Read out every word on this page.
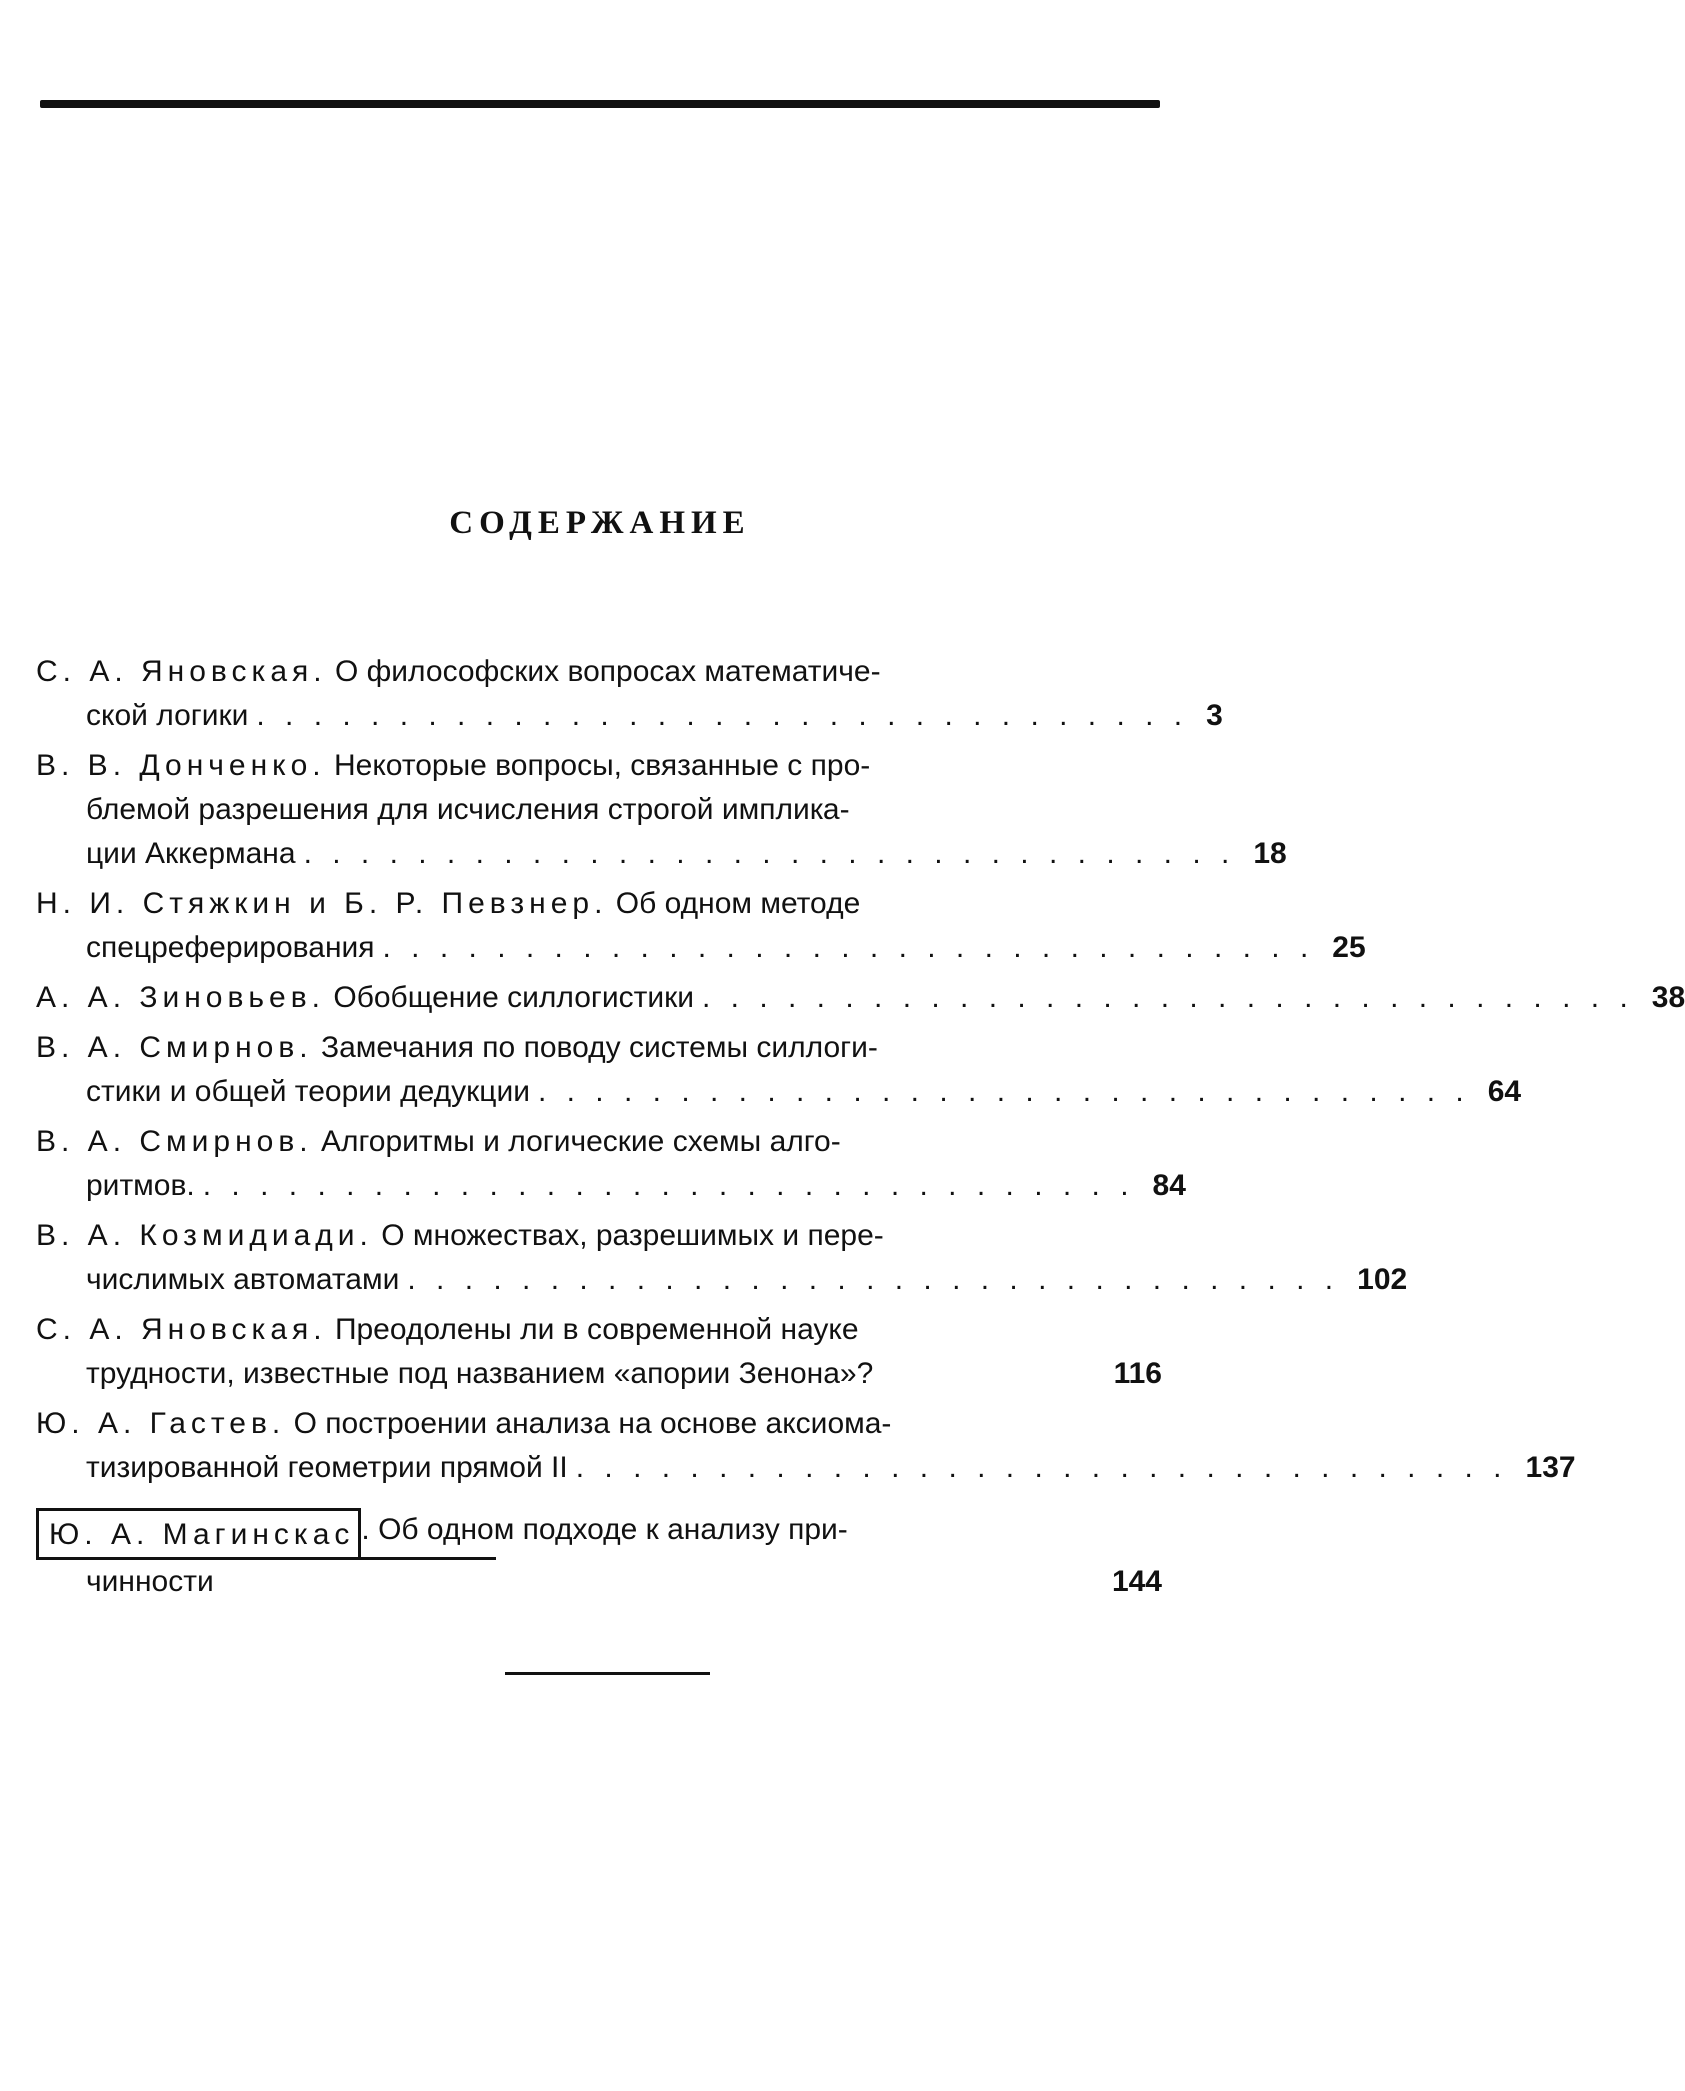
СОДЕРЖАНИЕ
С. А. Яновская.
О философских вопросах математиче-
ской логики . . . . . . . . . . . . . . . . . . . . . . . . . . . . . . . . . 3
В. В. Донченко.
Некоторые вопросы, связанные с про-
блемой разрешения для исчисления строгой импликa-
ции Аккермана . . . . . . . . . . . . . . . . . . . . . . . . . . . . . . . . . 18
Н. И. Стяжкин и Б. Р. Певзнер.
Об одном методе
спецреферирования . . . . . . . . . . . . . . . . . . . . . . . . . . . . . . . . . 25
А. А. Зиновьев.
Обобщение силлогистики . . . . . . . . . . . . . . . . . . . . . . . . . . . . . . . . . 38
В. А. Смирнов.
Замечания по поводу системы силлоги-
стики и общей теории дедукции . . . . . . . . . . . . . . . . . . . . . . . . . . . . . . . . . 64
В. А. Смирнов.
Алгоритмы и логические схемы алго-
ритмов. . . . . . . . . . . . . . . . . . . . . . . . . . . . . . . . . . 84
В. А. Козмидиади.
О множествах, разрешимых и пере-
числимых автоматами . . . . . . . . . . . . . . . . . . . . . . . . . . . . . . . . . 102
С. А. Яновская.
Преодолены ли в современной науке
трудности, известные под названием «апории Зенона»?	116
Ю. А. Гастев.
О построении анализа на основе аксиома-
тизированной геометрии прямой II . . . . . . . . . . . . . . . . . . . . . . . . . . . . . . . . . 137
Ю. А. Магинскас . Об одном подходе к анализу при-
чинности	144
